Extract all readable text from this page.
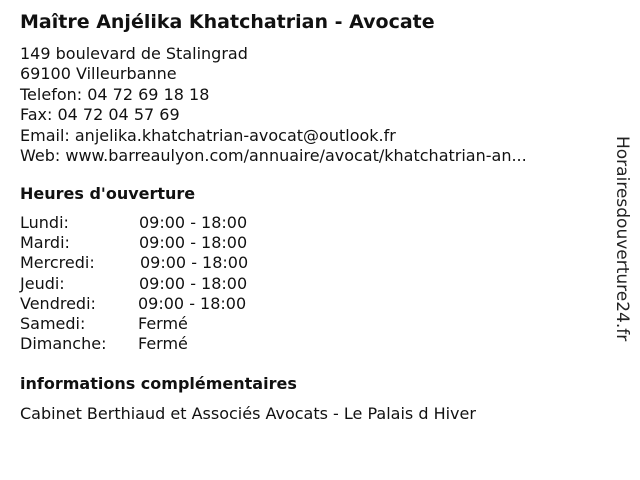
Maître Anjélika Khatchatrian - Avocate
149 boulevard de Stalingrad
69100 Villeurbanne
Telefon: 04 72 69 18 18
Fax: 04 72 04 57 69
Email: anjelika.khatchatrian-avocat@outlook.fr
Web: www.barreaulyon.com/annuaire/avocat/khatchatrian-an...
Heures d'ouverture
Lundi:	09:00 - 18:00
Mardi:	09:00 - 18:00
Mercredi:	09:00 - 18:00
Jeudi:	09:00 - 18:00
Vendredi:	09:00 - 18:00
Samedi:	Fermé
Dimanche: Fermé
informations complémentaires
Cabinet Berthiaud et Associés Avocats - Le Palais d Hiver
Horairesdouverture24.fr
